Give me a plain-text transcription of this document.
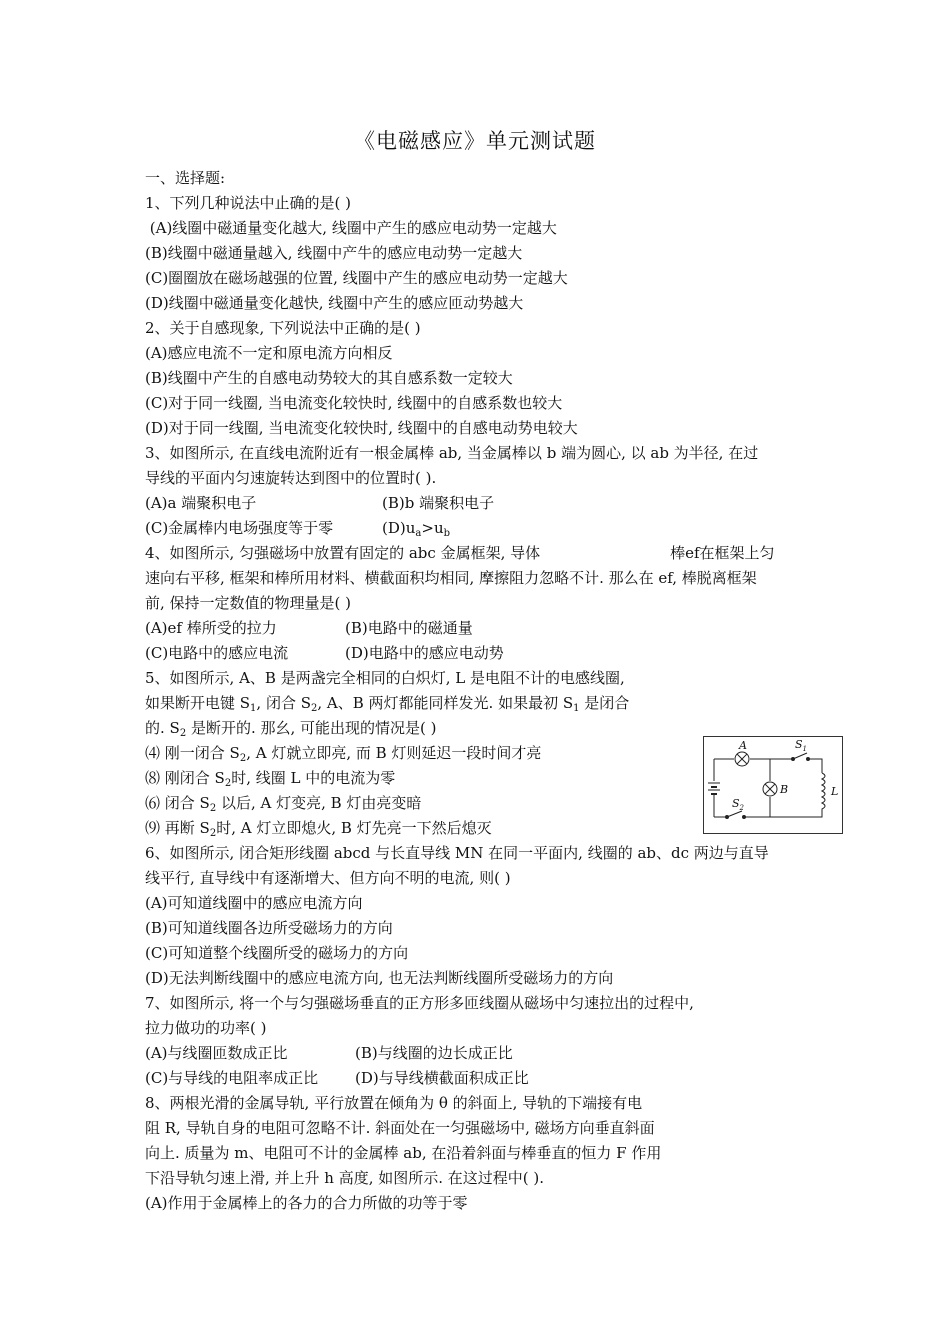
《电磁感应》单元测试题
一、选择题:
1、下列几种说法中止确的是( )
(A)线圈中磁通量变化越大, 线圈中产生的感应电动势一定越大
(B)线圈中磁通量越入, 线圈中产牛的感应电动势一定越大
(C)圈圈放在磁场越强的位置, 线圈中产生的感应电动势一定越大
(D)线圈中磁通量变化越快, 线圈中产生的感应匝动势越大
2、关于自感现象, 下列说法中正确的是( )
(A)感应电流不一定和原电流方向相反
(B)线圈中产生的自感电动势较大的其自感系数一定较大
(C)对于同一线圈, 当电流变化较快时, 线圈中的自感系数也较大
(D)对于同一线圈, 当电流变化较快时, 线圈中的自感电动势电较大
3、如图所示, 在直线电流附近有一根金属棒 ab, 当金属棒以 b 端为圆心, 以 ab 为半径, 在过
导线的平面内匀速旋转达到图中的位置时( ).
(A)a 端聚积电子	(B)b 端聚积电子
(C)金属棒内电场强度等于零	$(D)u_a>u_b$
4、如图所示, 匀强磁场中放置有固定的 abc 金属框架, 导体	棒ef在框架上匀
速向右平移, 框架和棒所用材料、横截面积均相同, 摩擦阻力忽略不计. 那么在 ef, 棒脱离框架
前, 保持一定数值的物理量是( )
(A)ef 棒所受的拉力	(B)电路中的磁通量
(C)电路中的感应电流	(D)电路中的感应电动势
5、如图所示, A、B 是两盏完全相同的白炽灯, L 是电阻不计的电感线圈,
如果断开电键 $S_1$, 闭合 $S_2$, A、B 两灯都能同样发光. 如果最初 $S_1$ 是闭合
的. $S_2$ 是断开的. 那幺, 可能出现的情况是( )
⑷ 刚一闭合 $S_2$, A 灯就立即亮, 而 B 灯则延迟一段时间才亮
⑻ 刚闭合 $S_2$时, 线圈 L 中的电流为零
⑹ 闭合 $S_2$ 以后, A 灯变亮, B 灯由亮变暗
⑼ 再断 $S_2$时, A 灯立即熄火, B 灯先亮一下然后熄灭
6、如图所示, 闭合矩形线圈 abcd 与长直导线 MN 在同一平面内, 线圈的 ab、dc 两边与直导
线平行, 直导线中有逐渐增大、但方向不明的电流, 则( )
(A)可知道线圈中的感应电流方向
(B)可知道线圈各边所受磁场力的方向
(C)可知道整个线圈所受的磁场力的方向
(D)无法判断线圈中的感应电流方向, 也无法判断线圈所受磁场力的方向
7、如图所示, 将一个与匀强磁场垂直的正方形多匝线圈从磁场中匀速拉出的过程中,
拉力做功的功率( )
(A)与线圈匝数成正比	(B)与线圈的边长成正比
(C)与导线的电阻率成正比	(D)与导线横截面积成正比
8、两根光滑的金属导轨, 平行放置在倾角为 θ 的斜面上, 导轨的下端接有电
阻 R, 导轨自身的电阻可忽略不计. 斜面处在一匀强磁场中, 磁场方向垂直斜面
向上. 质量为 m、电阻可不计的金属棒 ab, 在沿着斜面与棒垂直的恒力 F 作用
下沿导轨匀速上滑, 并上升 h 高度, 如图所示. 在这过程中( ).
(A)作用于金属棒上的各力的合力所做的功等于零
A	$S_1$
B	L
$S_2$
